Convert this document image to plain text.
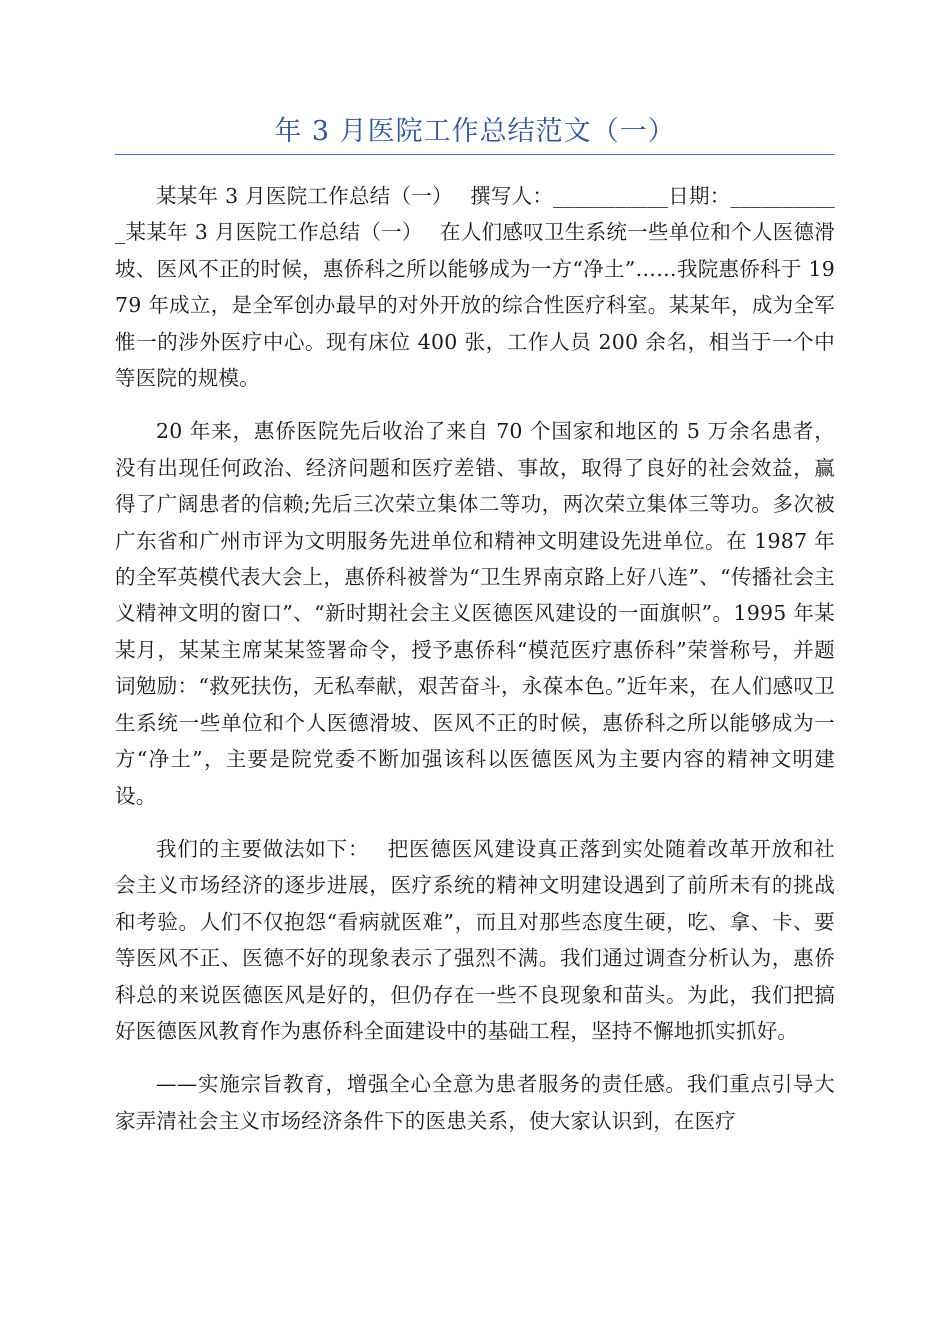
年 3 月医院工作总结范文（一）

某某年 3 月医院工作总结（一）　 撰写人：___________日期：___________某某年 3 月医院工作总结（一）　 在人们感叹卫生系统一些单位和个人医德滑坡、医风不正的时候，惠侨科之所以能够成为一方“净土”……我院惠侨科于 1979 年成立，是全军创办最早的对外开放的综合性医疗科室。某某年，成为全军惟一的涉外医疗中心。现有床位 400 张，工作人员 200 余名，相当于一个中等医院的规模。

20 年来，惠侨医院先后收治了来自 70 个国家和地区的 5 万余名患者，没有出现任何政治、经济问题和医疗差错、事故，取得了良好的社会效益，赢得了广阔患者的信赖;先后三次荣立集体二等功，两次荣立集体三等功。多次被广东省和广州市评为文明服务先进单位和精神文明建设先进单位。在 1987 年的全军英模代表大会上，惠侨科被誉为“卫生界南京路上好八连”、“传播社会主义精神文明的窗口”、“新时期社会主义医德医风建设的一面旗帜”。1995 年某某月，某某主席某某签署命令，授予惠侨科“模范医疗惠侨科”荣誉称号，并题词勉励：“救死扶伤，无私奉献，艰苦奋斗，永葆本色。”近年来，在人们感叹卫生系统一些单位和个人医德滑坡、医风不正的时候，惠侨科之所以能够成为一方“净土”，主要是院党委不断加强该科以医德医风为主要内容的精神文明建设。

我们的主要做法如下：　 把医德医风建设真正落到实处随着改革开放和社会主义市场经济的逐步进展，医疗系统的精神文明建设遇到了前所未有的挑战和考验。人们不仅抱怨“看病就医难”，而且对那些态度生硬，吃、拿、卡、要等医风不正、医德不好的现象表示了强烈不满。我们通过调查分析认为，惠侨科总的来说医德医风是好的，但仍存在一些不良现象和苗头。为此，我们把搞好医德医风教育作为惠侨科全面建设中的基础工程，坚持不懈地抓实抓好。

——实施宗旨教育，增强全心全意为患者服务的责任感。我们重点引导大家弄清社会主义市场经济条件下的医患关系，使大家认识到，在医疗
